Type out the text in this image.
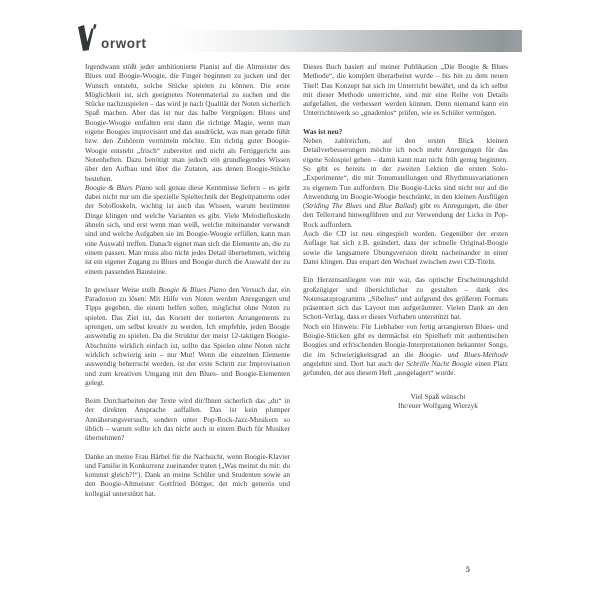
orwort

Irgendwann stößt jeder ambitionierte Pianist auf die Altmeister des Blues und Boogie-Woogie, die Finger beginnen zu jucken und der Wunsch entsteht, solche Stücke spielen zu können. Die erste Möglichkeit ist, sich geeignetes Notenmaterial zu suchen und die Stücke nachzuspielen – das wird je nach Qualität der Noten sicherlich Spaß machen. Aber das ist nur das halbe Vergnügen: Blues und Boogie-Woogie entfalten erst dann die richtige Magie, wenn man eigene Boogies improvisiert und das ausdrückt, was man gerade fühlt bzw. den Zuhörern vermitteln möchte. Ein richtig guter Boogie-Woogie entsteht „frisch“ zubereitet und nicht als Fertiggericht aus Notenheften. Dazu benötigt man jedoch ein grundlegendes Wissen über den Aufbau und über die Zutaten, aus denen Boogie-Stücke bestehen.

Boogie & Blues Piano soll genau diese Kenntnisse liefern – es geht dabei nicht nur um die spezielle Spieltechnik der Begleitpatterns oder der Solofloskeln, wichtig ist auch das Wissen, warum bestimmte Dinge klingen und welche Varianten es gibt. Viele Melodiefloskeln ähneln sich, und erst wenn man weiß, welche miteinander verwandt sind und welche Aufgaben sie im Boogie-Woogie erfüllen, kann man eine Auswahl treffen. Danach eignet man sich die Elemente an, die zu einem passen. Man muss also nicht jedes Detail übernehmen, wichtig ist ein eigener Zugang zu Blues und Boogie durch die Auswahl der zu einem passenden Bausteine.

In gewisser Weise stellt Boogie & Blues Piano den Versuch dar, ein Paradoxon zu lösen: Mit Hilfe von Noten werden Anregungen und Tipps gegeben, die einem helfen sollen, möglichst ohne Noten zu spielen. Das Ziel ist, das Korsett der notierten Arrangements zu sprengen, um selbst kreativ zu werden. Ich empfehle, jeden Boogie auswendig zu spielen. Da die Struktur der meist 12-taktigen Boogie-Abschnitte wirklich einfach ist, sollte das Spielen ohne Noten nicht wirklich schwierig sein – nur Mut! Wenn die einzelnen Elemente auswendig beherrscht werden, ist der erste Schritt zur Improvisation und zum kreativen Umgang mit den Blues- und Boogie-Elementen gelegt.

Beim Durcharbeiten der Texte wird dir/Ihnen sicherlich das „du“ in der direkten Ansprache auffallen. Das ist kein plumper Annäherungsversuch, sondern unter Pop-Rock-Jazz-Musikern so üblich – warum sollte ich das nicht auch in einem Buch für Musiker übernehmen?

Danke an meine Frau Bärbel für die Nachsicht, wenn Boogie-Klavier und Familie in Konkurrenz zueinander traten („Was meinst du mit: du kommst gleich?!“). Dank an meine Schüler und Studenten sowie an den Boogie-Altmeister Gottfried Böttger, der mich generös und kollegial unterstützt hat.

Dieses Buch basiert auf meiner Publikation „Die Boogie & Blues Methode“, die komplett überarbeitet wurde – bis hin zu dem neuen Titel! Das Konzept hat sich im Unterricht bewährt, und da ich selbst mit dieser Methode unterrichte, sind mir eine Reihe von Details aufgefallen, die verbessert werden können. Denn niemand kann ein Unterrichtswerk so „gnadenlos“ prüfen, wie es Schüler vermögen.

Was ist neu?

Neben zahlreichen, auf den ersten Blick kleinen Detailverbesserungen möchte ich noch mehr Anregungen für das eigene Solospiel geben – damit kann man nicht früh genug beginnen. So gibt es bereits in der zweiten Lektion die ersten Solo-„Experimente“, die mit Tonumstellungen und Rhythmusvariationen zu eigenem Tun auffordern. Die Boogie-Licks sind nicht nur auf die Anwendung im Boogie-Woogie beschränkt, in den kleinen Ausflügen (Striding The Blues und Blue Ballad) gibt es Anregungen, die über den Tellerrand hinwegführen und zur Verwendung der Licks in Pop-Rock auffordern.

Auch die CD ist neu eingespielt worden. Gegenüber der ersten Auflage hat sich z.B. geändert, dass der schnelle Original-Boogie sowie die langsamere Übungsversion direkt nacheinander in einer Datei klingen. Das erspart den Wechsel zwischen zwei CD-Titeln.

Ein Herzensanliegen von mir war, das optische Erscheinungsbild großzügiger und übersichtlicher zu gestalten – dank des Notensatzprogramms „Sibelius“ und aufgrund des größeren Formats präsentiert sich das Layout nun aufgeräumter. Vielen Dank an den Schott-Verlag, dass er dieses Vorhaben unterstützt hat.

Noch ein Hinweis: Für Liebhaber von fertig arrangierten Blues- und Boogie-Stücken gibt es demnächst ein Spielheft mit authentischen Boogies und erfrischenden Boogie-Interpretationen bekannter Songs, die im Schwierigkeitsgrad an die Boogie- und Blues-Methode angelehnt sind. Dort hat auch der Schrille Nacht Boogie einen Platz gefunden, der aus diesem Heft „ausgelagert“ wurde.

Viel Spaß wünscht
Ihr/euer Wolfgang Wierzyk
5
